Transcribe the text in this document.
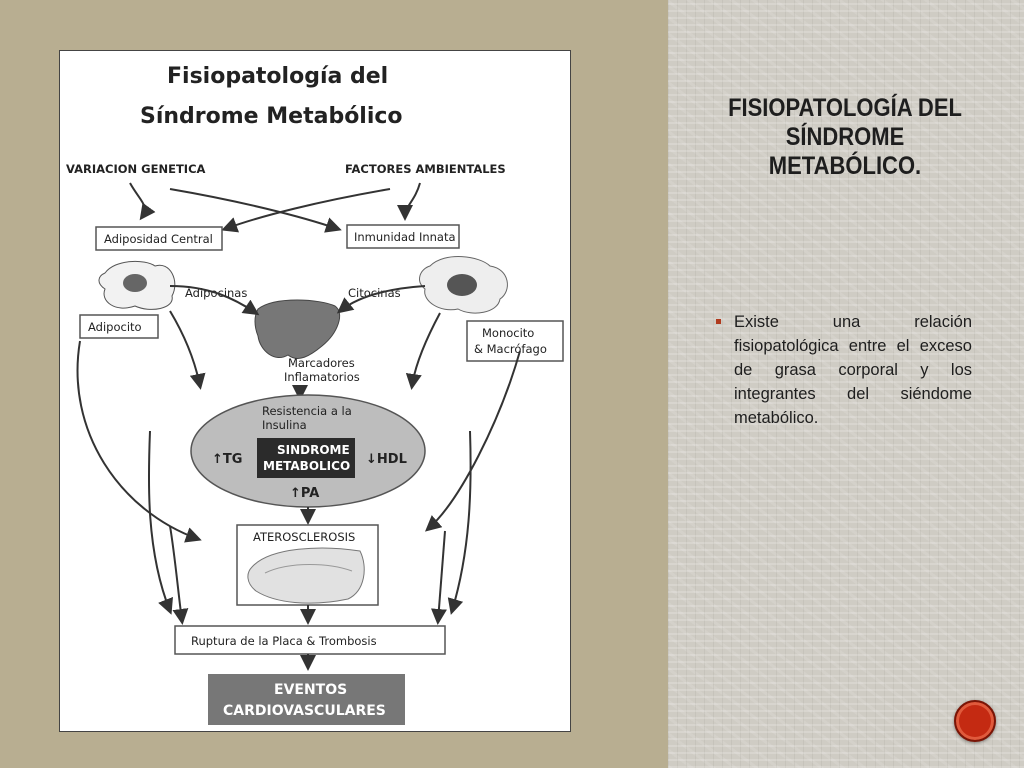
Fisiopatología del
Síndrome Metabólico
VARIACION GENETICA	FACTORES AMBIENTALES
Adiposidad Central	Inmunidad Innata
Adipocinas	Citocinas
Adipocito	Monocito
& Macrófago
Marcadores
Inflamatorios
Resistencia a la
Insulina
SINDROME
METABOLICO
↑TG	↓HDL
↑PA
ATEROSCLEROSIS
Ruptura de la Placa & Trombosis
EVENTOS
CARDIOVASCULARES
FISIOPATOLOGÍA DEL SÍNDROME METABÓLICO.
Existe una relación fisiopatológica entre el exceso de grasa corporal y los integrantes del siéndome metabólico.
